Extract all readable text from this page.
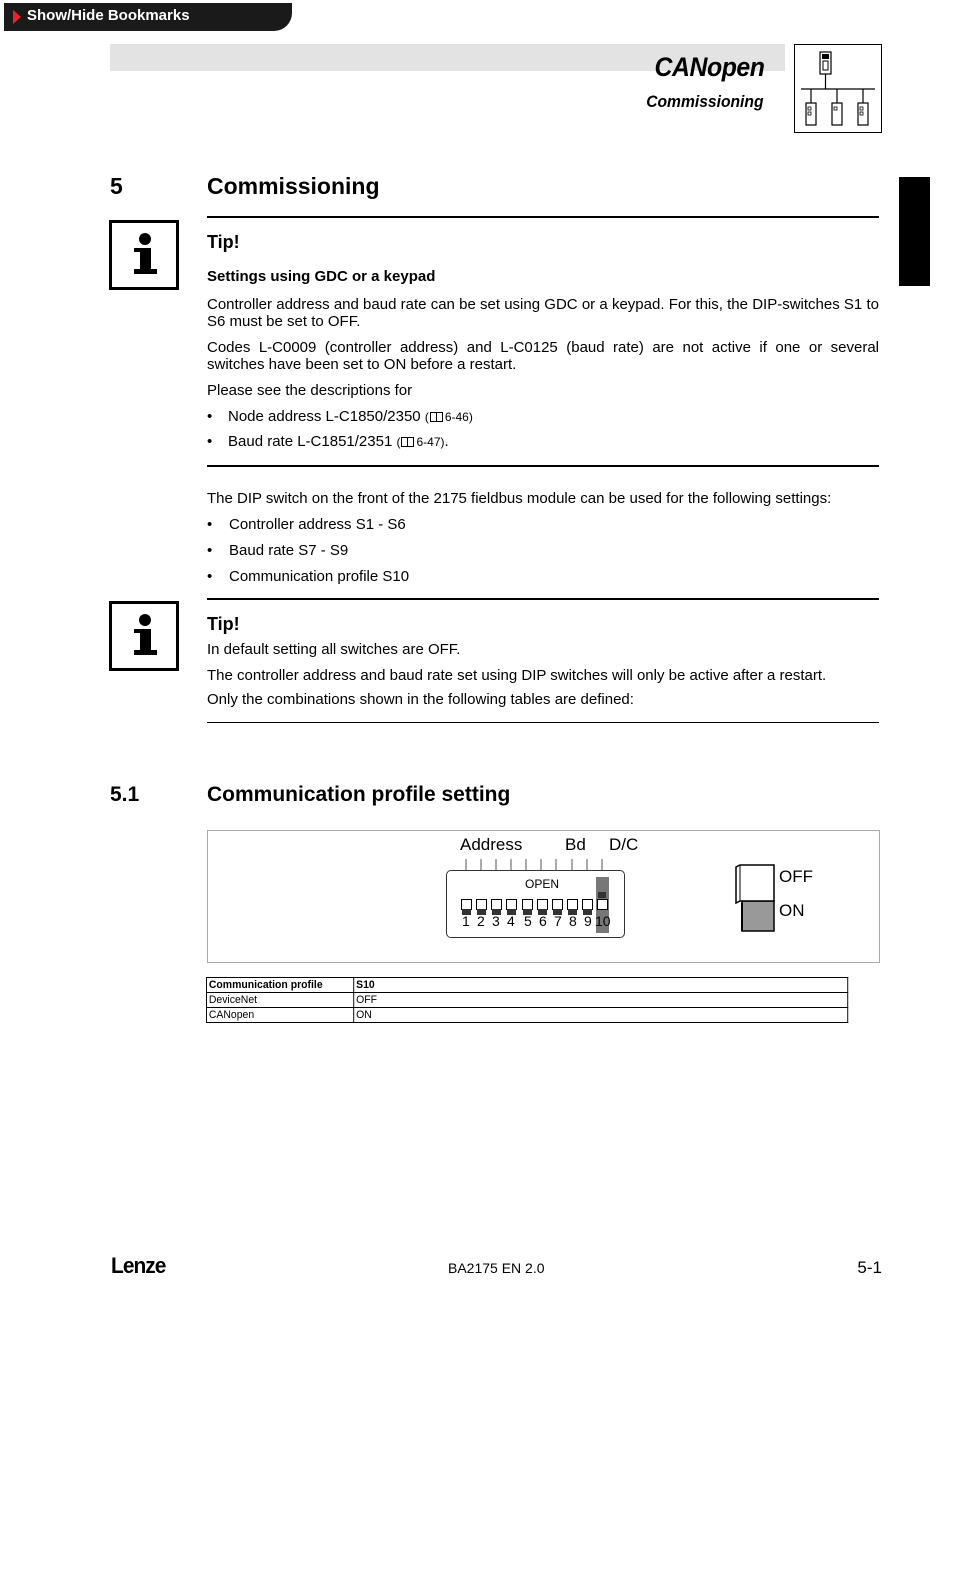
Show/Hide Bookmarks
CANopen
Commissioning
5	Commissioning
Tip!
Settings using GDC or a keypad
Controller address and baud rate can be set using GDC or a keypad. For this, the DIP-switches S1 to S6 must be set to OFF.
Codes L-C0009 (controller address) and L-C0125 (baud rate) are not active if one or several switches have been set to ON before a restart.
Please see the descriptions for
• Node address L-C1850/2350 (  6-46)
• Baud rate L-C1851/2351 (  6-47).
The DIP switch on the front of the 2175 fieldbus module can be used for the following settings:
• Controller address S1 - S6
• Baud rate S7 - S9
• Communication profile S10
Tip!
In default setting all switches are OFF.
The controller address and baud rate set using DIP switches will only be active after a restart.
Only the combinations shown in the following tables are defined:
5.1	Communication profile setting
Address	Bd D/C
OPEN
1 2 3 4 5 6 7 8 9 10
OFF
ON
Communication profile	S10
DeviceNet	OFF
CANopen	ON
Lenze	BA2175 EN 2.0	5-1
